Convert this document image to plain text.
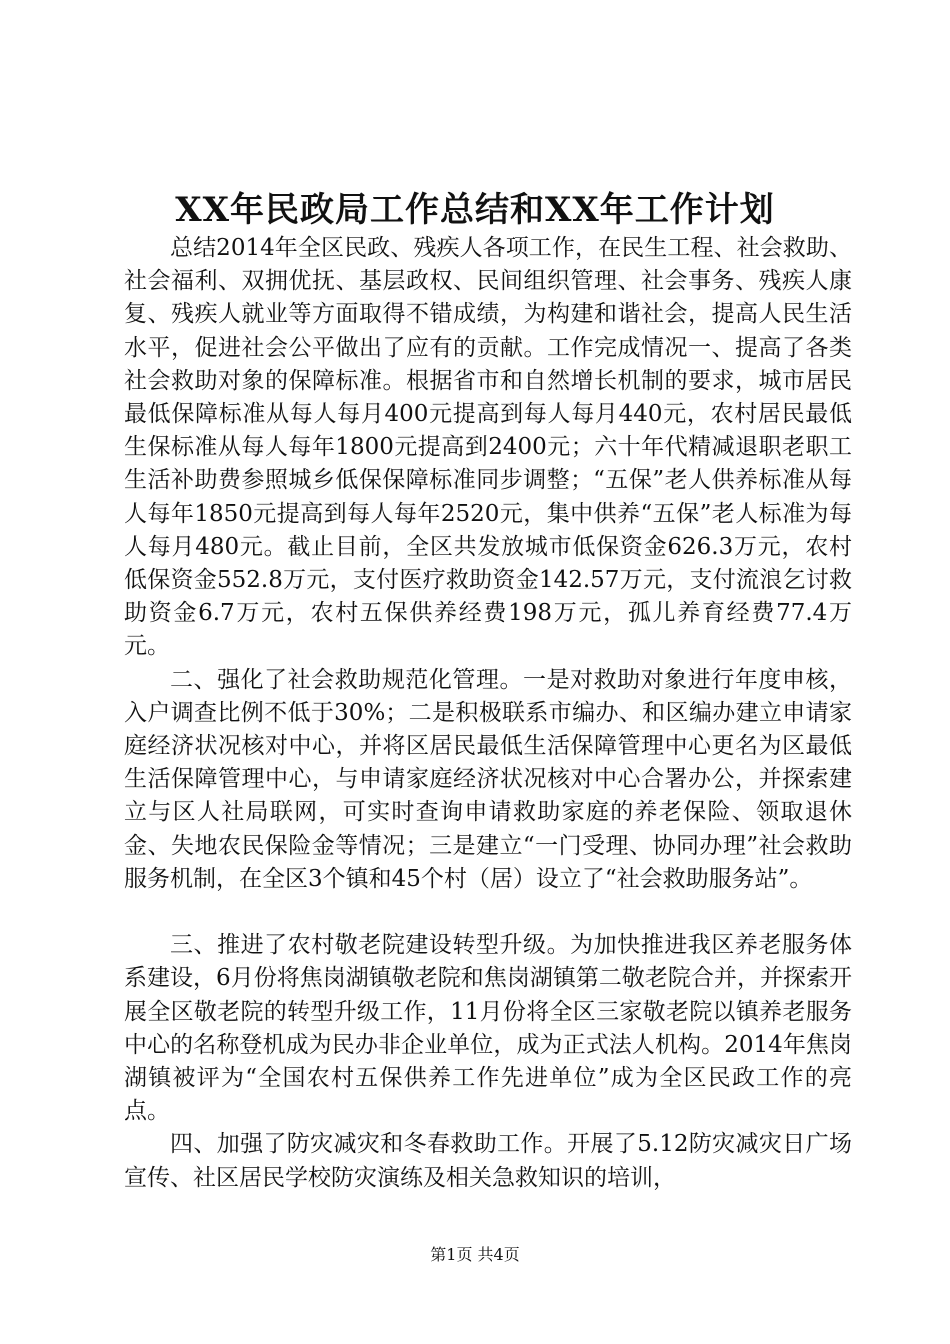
XX年民政局工作总结和XX年工作计划

总结2014年全区民政、残疾人各项工作，在民生工程、社会救助、社会福利、双拥优抚、基层政权、民间组织管理、社会事务、残疾人康复、残疾人就业等方面取得不错成绩，为构建和谐社会，提高人民生活水平，促进社会公平做出了应有的贡献。工作完成情况一、提高了各类社会救助对象的保障标准。根据省市和自然增长机制的要求，城市居民最低保障标准从每人每月400元提高到每人每月440元，农村居民最低生保标准从每人每年1800元提高到2400元；六十年代精减退职老职工生活补助费参照城乡低保保障标准同步调整；“五保”老人供养标准从每人每年1850元提高到每人每年2520元，集中供养“五保”老人标准为每人每月480元。截止目前，全区共发放城市低保资金626.3万元，农村低保资金552.8万元，支付医疗救助资金142.57万元，支付流浪乞讨救助资金6.7万元，农村五保供养经费198万元，孤儿养育经费77.4万元。

二、强化了社会救助规范化管理。一是对救助对象进行年度申核，入户调查比例不低于30%；二是积极联系市编办、和区编办建立申请家庭经济状况核对中心，并将区居民最低生活保障管理中心更名为区最低生活保障管理中心，与申请家庭经济状况核对中心合署办公，并探索建立与区人社局联网，可实时查询申请救助家庭的养老保险、领取退休金、失地农民保险金等情况；三是建立“一门受理、协同办理”社会救助服务机制，在全区3个镇和45个村（居）设立了“社会救助服务站”。

三、推进了农村敬老院建设转型升级。为加快推进我区养老服务体系建设，6月份将焦岗湖镇敬老院和焦岗湖镇第二敬老院合并，并探索开展全区敬老院的转型升级工作，11月份将全区三家敬老院以镇养老服务中心的名称登机成为民办非企业单位，成为正式法人机构。2014年焦岗湖镇被评为“全国农村五保供养工作先进单位”成为全区民政工作的亮点。

四、加强了防灾减灾和冬春救助工作。开展了5.12防灾减灾日广场宣传、社区居民学校防灾演练及相关急救知识的培训，

第1页 共4页
